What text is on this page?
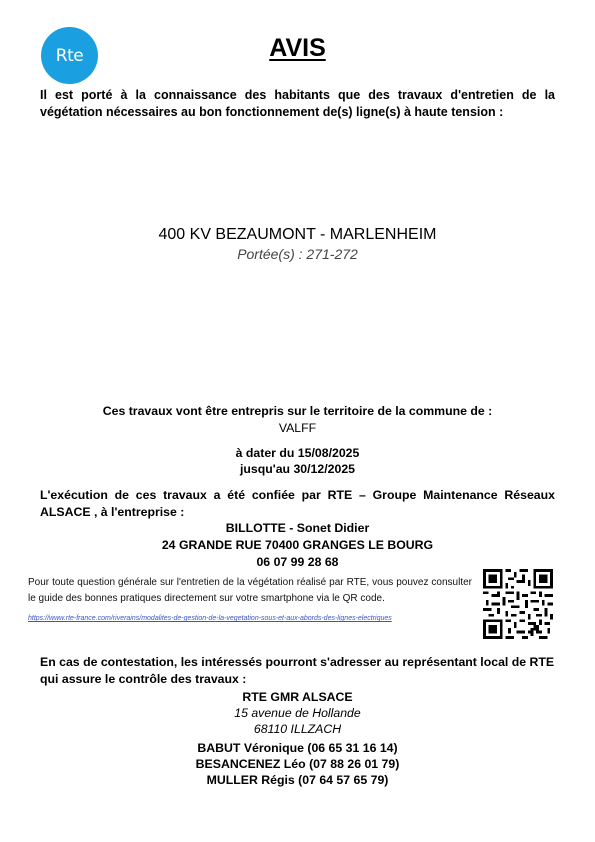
Rte	AVIS
Il est porté à la connaissance des habitants que des travaux d'entretien de la végétation nécessaires au bon fonctionnement de(s) ligne(s) à haute tension :
400 KV BEZAUMONT - MARLENHEIM
Portée(s) : 271-272
Ces travaux vont être entrepris sur le territoire de la commune de :
VALFF
à dater du 15/08/2025
jusqu'au 30/12/2025
L'exécution de ces travaux a été confiée par RTE – Groupe Maintenance Réseaux ALSACE , à l'entreprise :
BILLOTTE - Sonet Didier
24 GRANDE RUE 70400 GRANGES LE BOURG
06 07 99 28 68
Pour toute question générale sur l'entretien de la végétation réalisé par RTE, vous pouvez consulter le guide des bonnes pratiques directement sur votre smartphone via le QR code.
https://www.rte-france.com/riverains/modalites-de-gestion-de-la-vegetation-sous-et-aux-abords-des-lignes-electriques
En cas de contestation, les intéressés pourront s'adresser au représentant local de RTE qui assure le contrôle des travaux :
RTE GMR ALSACE
15 avenue de Hollande
68110 ILLZACH
BABUT Véronique (06 65 31 16 14)
BESANCENEZ Léo (07 88 26 01 79)
MULLER Régis (07 64 57 65 79)
